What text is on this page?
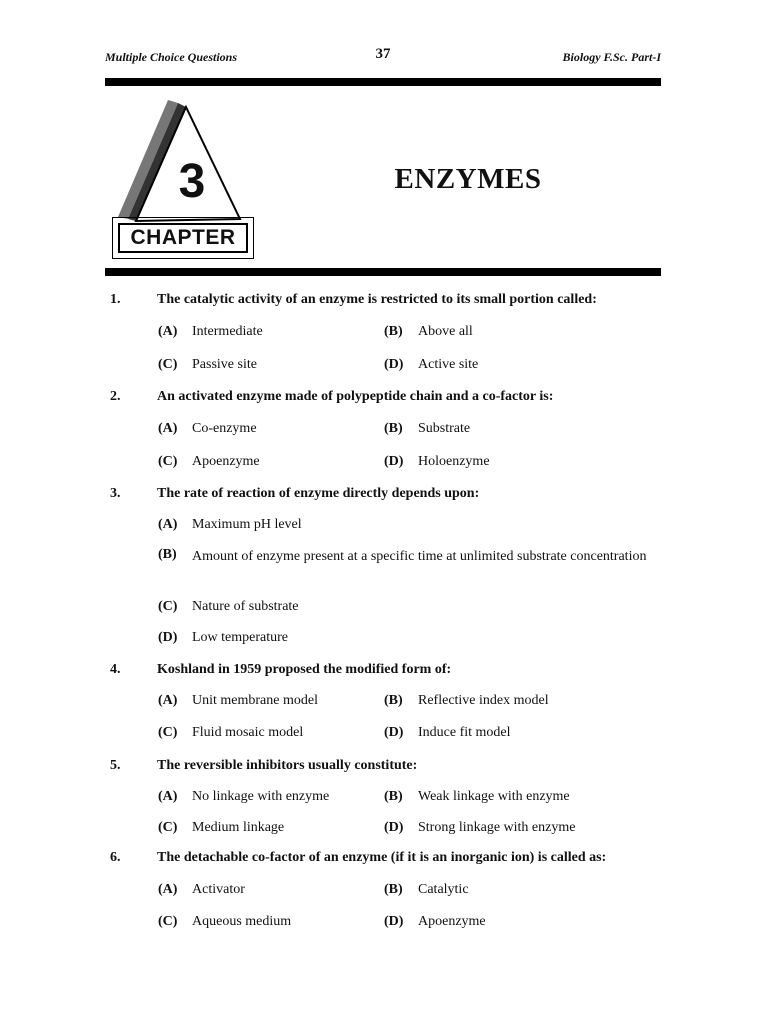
Multiple Choice Questions	37	Biology F.Sc. Part-I
3
CHAPTER
ENZYMES
1.	The catalytic activity of an enzyme is restricted to its small portion called:
(A) Intermediate	(B) Above all
(C) Passive site	(D) Active site
2.	An activated enzyme made of polypeptide chain and a co-factor is:
(A) Co-enzyme	(B) Substrate
(C) Apoenzyme	(D) Holoenzyme
3.	The rate of reaction of enzyme directly depends upon:
(A) Maximum pH level
(B) Amount of enzyme present at a specific time at unlimited substrate concentration
(C) Nature of substrate
(D) Low temperature
4.	Koshland in 1959 proposed the modified form of:
(A) Unit membrane model	(B) Reflective index model
(C) Fluid mosaic model	(D) Induce fit model
5.	The reversible inhibitors usually constitute:
(A) No linkage with enzyme	(B) Weak linkage with enzyme
(C) Medium linkage	(D) Strong linkage with enzyme
6.	The detachable co-factor of an enzyme (if it is an inorganic ion) is called as:
(A) Activator	(B) Catalytic
(C) Aqueous medium	(D) Apoenzyme
